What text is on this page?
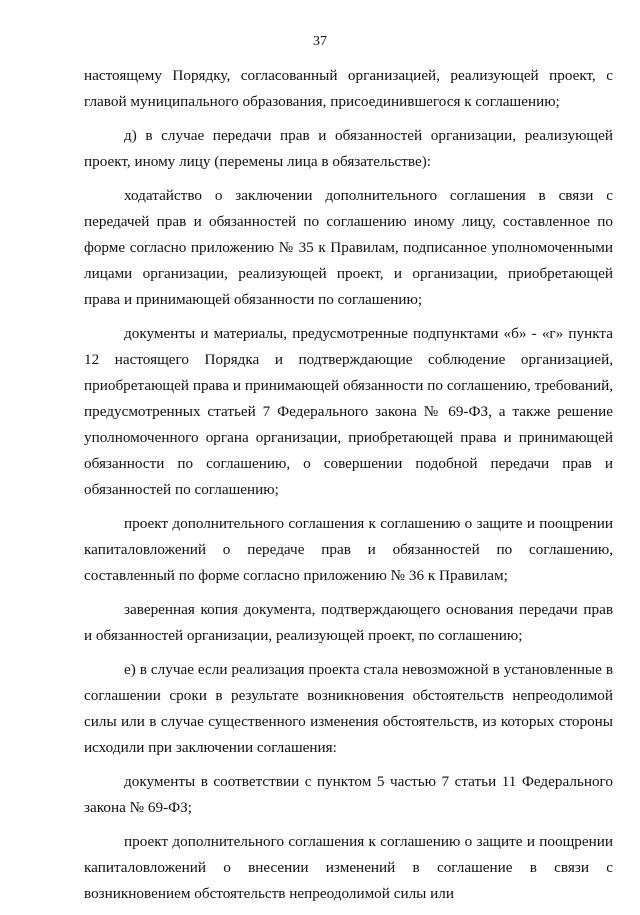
37

настоящему Порядку, согласованный организацией, реализующей проект, с главой муниципального образования, присоединившегося к соглашению;

д) в случае передачи прав и обязанностей организации, реализующей проект, иному лицу (перемены лица в обязательстве):

ходатайство о заключении дополнительного соглашения в связи с передачей прав и обязанностей по соглашению иному лицу, составленное по форме согласно приложению № 35 к Правилам, подписанное уполномоченными лицами организации, реализующей проект, и организации, приобретающей права и принимающей обязанности по соглашению;

документы и материалы, предусмотренные подпунктами «б» - «г» пункта 12 настоящего Порядка и подтверждающие соблюдение организацией, приобретающей права и принимающей обязанности по соглашению, требований, предусмотренных статьей 7 Федерального закона № 69-ФЗ, а также решение уполномоченного органа организации, приобретающей права и принимающей обязанности по соглашению, о совершении подобной передачи прав и обязанностей по соглашению;

проект дополнительного соглашения к соглашению о защите и поощрении капиталовложений о передаче прав и обязанностей по соглашению, составленный по форме согласно приложению № 36 к Правилам;

заверенная копия документа, подтверждающего основания передачи прав и обязанностей организации, реализующей проект, по соглашению;

е) в случае если реализация проекта стала невозможной в установленные в соглашении сроки в результате возникновения обстоятельств непреодолимой силы или в случае существенного изменения обстоятельств, из которых стороны исходили при заключении соглашения:

документы в соответствии с пунктом 5 частью 7 статьи 11 Федерального закона № 69-ФЗ;

проект дополнительного соглашения к соглашению о защите и поощрении капиталовложений о внесении изменений в соглашение в связи с возникновением обстоятельств непреодолимой силы или
